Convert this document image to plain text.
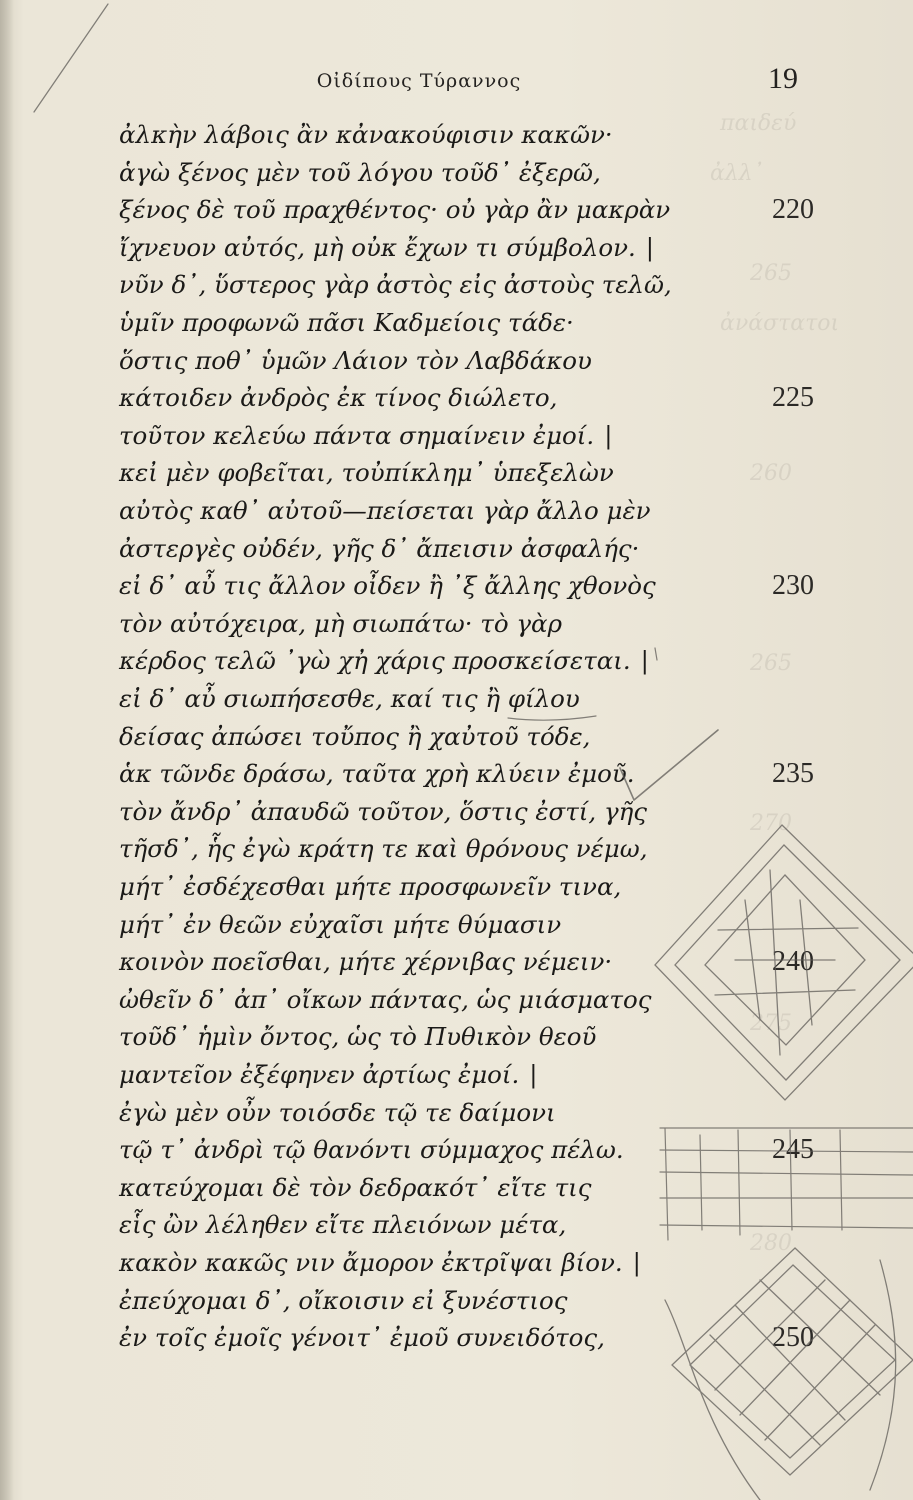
παιδεύ
ἀλλ᾽
265
ἀνάστατοι
260
265
270
275
280
Οἰδίπους Τύραννος	19
ἀλκὴν λάβοις ἂν κἀνακούφισιν κακῶν·
ἁγὼ ξένος μὲν τοῦ λόγου τοῦδ᾽ ἐξερῶ,
ξένος δὲ τοῦ πραχθέντος· οὐ γὰρ ἂν μακρὰν	220
ἴχνευον αὐτός, μὴ οὐκ ἔχων τι σύμβολον. |
νῦν δ᾽, ὕστερος γὰρ ἀστὸς εἰς ἀστοὺς τελῶ,
ὑμῖν προφωνῶ πᾶσι Καδμείοις τάδε·
ὅστις ποθ᾽ ὑμῶν Λάιον τὸν Λαβδάκου
κάτοιδεν ἀνδρὸς ἐκ τίνος διώλετο,	225
τοῦτον κελεύω πάντα σημαίνειν ἐμοί. |
κεἰ μὲν φοβεῖται, τοὐπίκλημ᾽ ὑπεξελὼν
αὐτὸς καθ᾽ αὐτοῦ—πείσεται γὰρ ἄλλο μὲν
ἀστεργὲς οὐδέν, γῆς δ᾽ ἄπεισιν ἀσφαλής·
εἰ δ᾽ αὖ τις ἄλλον οἶδεν ἢ ᾽ξ ἄλλης χθονὸς	230
τὸν αὐτόχειρα, μὴ σιωπάτω· τὸ γὰρ
κέρδος τελῶ ᾽γὼ χἠ χάρις προσκείσεται. |
εἰ δ᾽ αὖ σιωπήσεσθε, καί τις ἢ φίλου
δείσας ἀπώσει τοὔπος ἢ χαὐτοῦ τόδε,
ἁκ τῶνδε δράσω, ταῦτα χρὴ κλύειν ἐμοῦ.	235
τὸν ἄνδρ᾽ ἀπαυδῶ τοῦτον, ὅστις ἐστί, γῆς
τῆσδ᾽, ἧς ἐγὼ κράτη τε καὶ θρόνους νέμω,
μήτ᾽ ἐσδέχεσθαι μήτε προσφωνεῖν τινα,
μήτ᾽ ἐν θεῶν εὐχαῖσι μήτε θύμασιν
κοινὸν ποεῖσθαι, μήτε χέρνιβας νέμειν·	240
ὠθεῖν δ᾽ ἀπ᾽ οἴκων πάντας, ὡς μιάσματος
τοῦδ᾽ ἡμὶν ὄντος, ὡς τὸ Πυθικὸν θεοῦ
μαντεῖον ἐξέφηνεν ἀρτίως ἐμοί. |
ἐγὼ μὲν οὖν τοιόσδε τῷ τε δαίμονι
τῷ τ᾽ ἀνδρὶ τῷ θανόντι σύμμαχος πέλω.	245
κατεύχομαι δὲ τὸν δεδρακότ᾽ εἴτε τις
εἷς ὢν λέληθεν εἴτε πλειόνων μέτα,
κακὸν κακῶς νιν ἄμορον ἐκτρῖψαι βίον. |
ἐπεύχομαι δ᾽, οἴκοισιν εἰ ξυνέστιος
ἐν τοῖς ἐμοῖς γένοιτ᾽ ἐμοῦ συνειδότος,	250
